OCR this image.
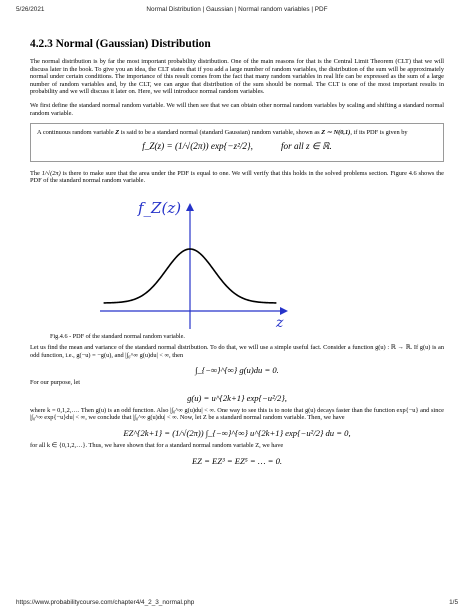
5/26/2021	Normal Distribution | Gaussian | Normal random variables | PDF
4.2.3 Normal (Gaussian) Distribution

The normal distribution is by far the most important probability distribution. One of the main reasons for that is the Central Limit Theorem (CLT) that we will discuss later in the book. To give you an idea, the CLT states that if you add a large number of random variables, the distribution of the sum will be approximately normal under certain conditions. The importance of this result comes from the fact that many random variables in real life can be expressed as the sum of a large number of random variables and, by the CLT, we can argue that distribution of the sum should be normal. The CLT is one of the most important results in probability and we will discuss it later on. Here, we will introduce normal random variables.

We first define the standard normal random variable. We will then see that we can obtain other normal random variables by scaling and shifting a standard normal random variable.

A continuous random variable Z is said to be a standard normal (standard Gaussian) random variable, shown as Z ∼ N(0,1), if its PDF is given by

f_Z(z) = (1/√(2π)) exp{−z²/2},	for all z ∈ ℝ.

The 1/√(2π) is there to make sure that the area under the PDF is equal to one. We will verify that this holds in the solved problems section. Figure 4.6 shows the PDF of the standard normal random variable.

f_Z(z)
z
Fig.4.6 - PDF of the standard normal random variable.

Let us find the mean and variance of the standard normal distribution. To do that, we will use a simple useful fact. Consider a function g(u) : ℝ → ℝ. If g(u) is an odd function, i.e., g(−u) = −g(u), and |∫₀^∞ g(u)du| < ∞, then

∫_{−∞}^{∞} g(u)du = 0.

For our purpose, let

g(u) = u^{2k+1} exp{−u²/2},

where k = 0,1,2,…. Then g(u) is an odd function. Also |∫₀^∞ g(u)du| < ∞. One way to see this is to note that g(u) decays faster than the function exp{−u} and since |∫₀^∞ exp{−u}du| < ∞, we conclude that |∫₀^∞ g(u)du| < ∞. Now, let Z be a standard normal random variable. Then, we have

EZ^{2k+1} = (1/√(2π)) ∫_{−∞}^{∞} u^{2k+1} exp{−u²/2} du = 0,

for all k ∈ {0,1,2,…}. Thus, we have shown that for a standard normal random variable Z, we have

EZ = EZ³ = EZ⁵ = … = 0.
https://www.probabilitycourse.com/chapter4/4_2_3_normal.php	1/5
